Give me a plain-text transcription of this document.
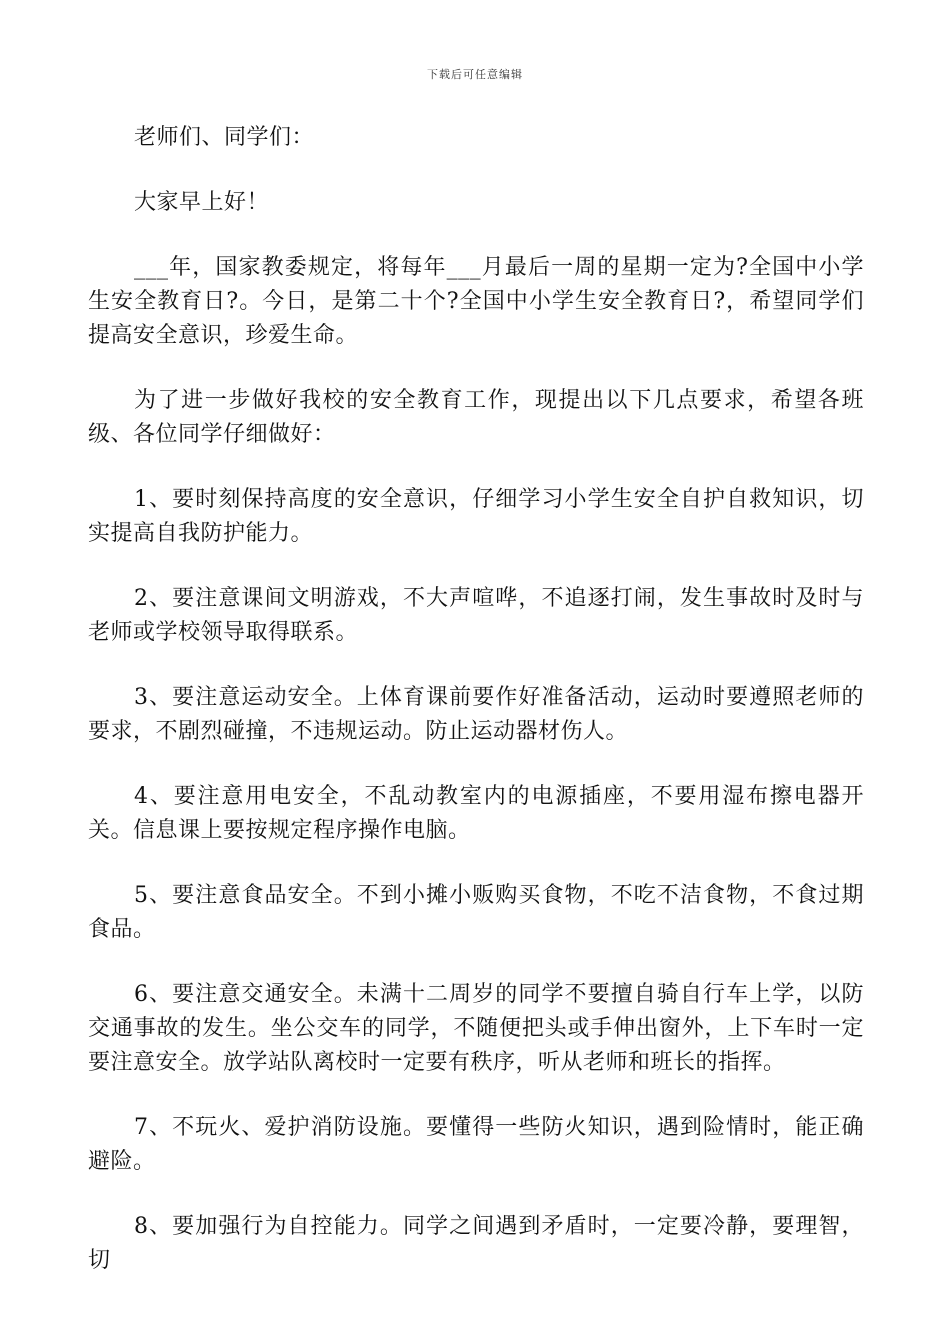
下载后可任意编辑

老师们、同学们：

大家早上好！

___年，国家教委规定，将每年___月最后一周的星期一定为?全国中小学生安全教育日?。今日，是第二十个?全国中小学生安全教育日?，希望同学们提高安全意识，珍爱生命。

为了进一步做好我校的安全教育工作，现提出以下几点要求，希望各班级、各位同学仔细做好：

1、要时刻保持高度的安全意识，仔细学习小学生安全自护自救知识，切实提高自我防护能力。

2、要注意课间文明游戏，不大声喧哗，不追逐打闹，发生事故时及时与老师或学校领导取得联系。

3、要注意运动安全。上体育课前要作好准备活动，运动时要遵照老师的要求，不剧烈碰撞，不违规运动。防止运动器材伤人。

4、要注意用电安全，不乱动教室内的电源插座，不要用湿布擦电器开关。信息课上要按规定程序操作电脑。

5、要注意食品安全。不到小摊小贩购买食物，不吃不洁食物，不食过期食品。

6、要注意交通安全。未满十二周岁的同学不要擅自骑自行车上学，以防交通事故的发生。坐公交车的同学，不随便把头或手伸出窗外，上下车时一定要注意安全。放学站队离校时一定要有秩序，听从老师和班长的指挥。

7、不玩火、爱护消防设施。要懂得一些防火知识，遇到险情时，能正确避险。

8、要加强行为自控能力。同学之间遇到矛盾时，一定要冷静，要理智，切
